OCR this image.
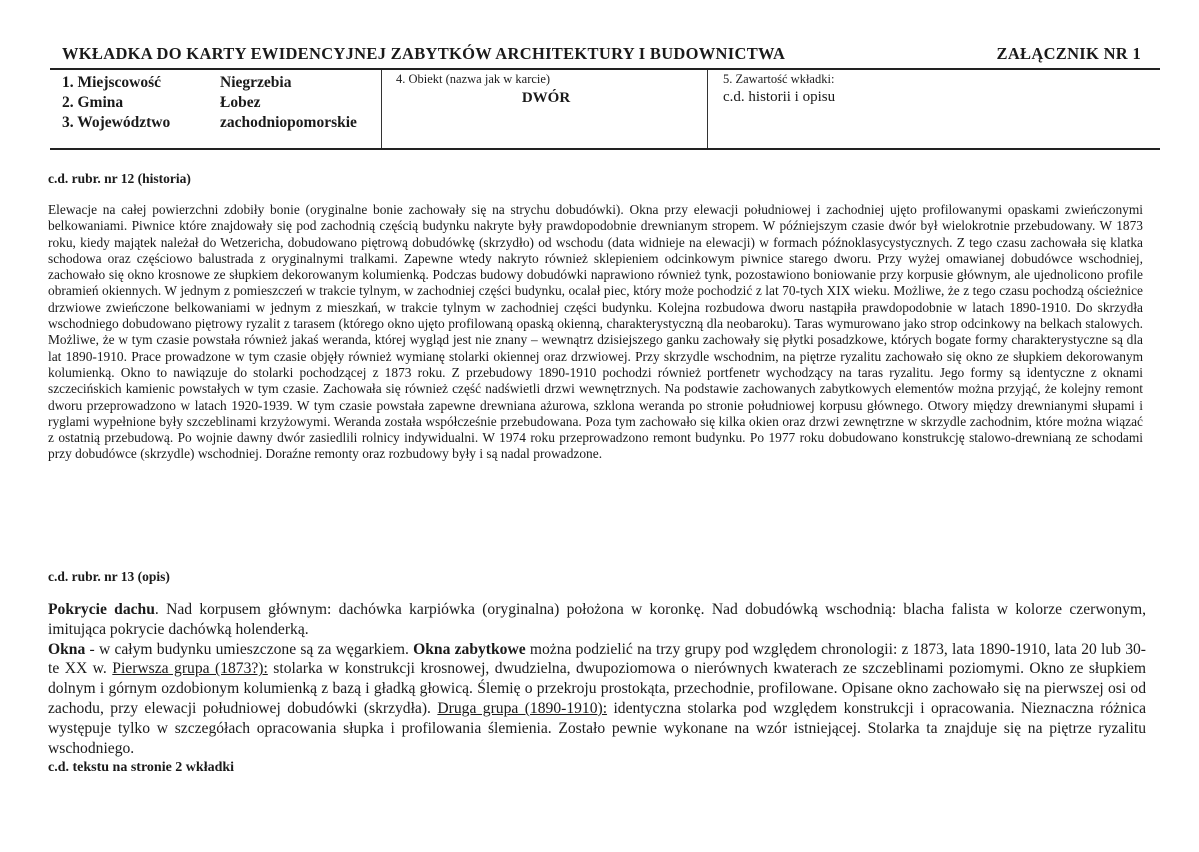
WKŁADKA DO KARTY EWIDENCYJNEJ ZABYTKÓW ARCHITEKTURY I BUDOWNICTWA	ZAŁĄCZNIK NR 1
1. Miejscowość	Niegrzebia
2. Gmina	Łobez
3. Województwo	zachodniopomorskie
4. Obiekt (nazwa jak w karcie)
DWÓR
5. Zawartość wkładki:
c.d. historii i opisu
c.d. rubr. nr 12 (historia)

Elewacje na całej powierzchni zdobiły bonie (oryginalne bonie zachowały się na strychu dobudówki). Okna przy elewacji południowej i zachodniej ujęto profilowanymi opaskami zwieńczonymi belkowaniami. Piwnice które znajdowały się pod zachodnią częścią budynku nakryte były prawdopodobnie drewnianym stropem. W późniejszym czasie dwór był wielokrotnie przebudowany. W 1873 roku, kiedy majątek należał do Wetzericha, dobudowano piętrową dobudówkę (skrzydło) od wschodu (data widnieje na elewacji) w formach późnoklasycystycznych. Z tego czasu zachowała się klatka schodowa oraz częściowo balustrada z oryginalnymi tralkami. Zapewne wtedy nakryto również sklepieniem odcinkowym piwnice starego dworu. Przy wyżej omawianej dobudówce wschodniej, zachowało się okno krosnowe ze słupkiem dekorowanym kolumienką. Podczas budowy dobudówki naprawiono również tynk, pozostawiono boniowanie przy korpusie głównym, ale ujednolicono profile obramień okiennych. W jednym z pomieszczeń w trakcie tylnym, w zachodniej części budynku, ocalał piec, który może pochodzić z lat 70-tych XIX wieku. Możliwe, że z tego czasu pochodzą ościeżnice drzwiowe zwieńczone belkowaniami w jednym z mieszkań, w trakcie tylnym w zachodniej części budynku. Kolejna rozbudowa dworu nastąpiła prawdopodobnie w latach 1890-1910. Do skrzydła wschodniego dobudowano piętrowy ryzalit z tarasem (którego okno ujęto profilowaną opaską okienną, charakterystyczną dla neobaroku). Taras wymurowano jako strop odcinkowy na belkach stalowych. Możliwe, że w tym czasie powstała również jakaś weranda, której wygląd jest nie znany – wewnątrz dzisiejszego ganku zachowały się płytki posadzkowe, których bogate formy charakterystyczne są dla lat 1890-1910. Prace prowadzone w tym czasie objęły również wymianę stolarki okiennej oraz drzwiowej. Przy skrzydle wschodnim, na piętrze ryzalitu zachowało się okno ze słupkiem dekorowanym kolumienką. Okno to nawiązuje do stolarki pochodzącej z 1873 roku. Z przebudowy 1890-1910 pochodzi również portfenetr wychodzący na taras ryzalitu. Jego formy są identyczne z oknami szczecińskich kamienic powstałych w tym czasie. Zachowała się również część nadświetli drzwi wewnętrznych. Na podstawie zachowanych zabytkowych elementów można przyjąć, że kolejny remont dworu przeprowadzono w latach 1920-1939. W tym czasie powstała zapewne drewniana ażurowa, szklona weranda po stronie południowej korpusu głównego. Otwory między drewnianymi słupami i ryglami wypełnione były szczeblinami krzyżowymi. Weranda została współcześnie przebudowana. Poza tym zachowało się kilka okien oraz drzwi zewnętrzne w skrzydle zachodnim, które można wiązać z ostatnią przebudową. Po wojnie dawny dwór zasiedlili rolnicy indywidualni. W 1974 roku przeprowadzono remont budynku. Po 1977 roku dobudowano konstrukcję stalowo-drewnianą ze schodami przy dobudówce (skrzydle) wschodniej. Doraźne remonty oraz rozbudowy były i są nadal prowadzone.

c.d. rubr. nr 13 (opis)

Pokrycie dachu. Nad korpusem głównym: dachówka karpiówka (oryginalna) położona w koronkę. Nad dobudówką wschodnią: blacha falista w kolorze czerwonym, imitująca pokrycie dachówką holenderką.

Okna - w całym budynku umieszczone są za węgarkiem. Okna zabytkowe można podzielić na trzy grupy pod względem chronologii: z 1873, lata 1890-1910, lata 20 lub 30-te XX w. Pierwsza grupa (1873?): stolarka w konstrukcji krosnowej, dwudzielna, dwupoziomowa o nierównych kwaterach ze szczeblinami poziomymi. Okno ze słupkiem dolnym i górnym ozdobionym kolumienką z bazą i gładką głowicą. Ślemię o przekroju prostokąta, przechodnie, profilowane. Opisane okno zachowało się na pierwszej osi od zachodu, przy elewacji południowej dobudówki (skrzydła). Druga grupa (1890-1910): identyczna stolarka pod względem konstrukcji i opracowania. Nieznaczna różnica występuje tylko w szczegółach opracowania słupka i profilowania ślemienia. Zostało pewnie wykonane na wzór istniejącej. Stolarka ta znajduje się na piętrze ryzalitu wschodniego.

c.d. tekstu na stronie 2 wkładki
